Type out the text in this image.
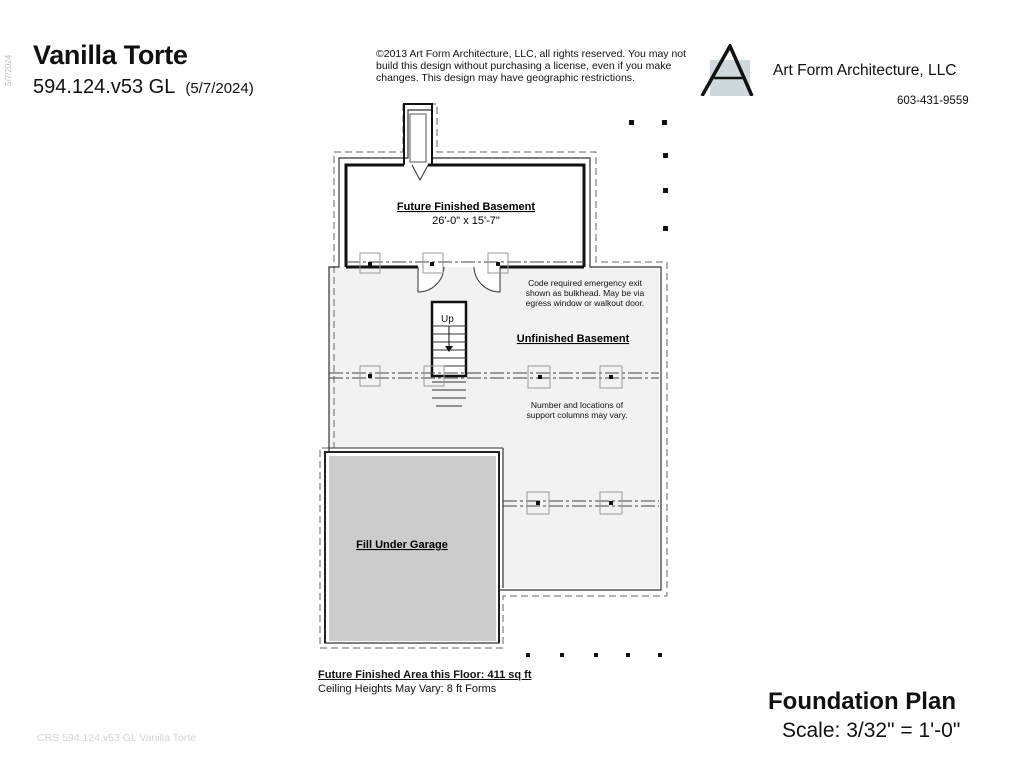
5/7/2024 Vanilla Torte
594.124.v53 GL (5/7/2024)
©2013 Art Form Architecture, LLC, all rights reserved. You may not
build this design without purchasing a license, even if you make
changes. This design may have geographic restrictions.	Art Form Architecture, LLC
603-431-9559
Up
Future Finished Basement
26'-0" x 15'-7"
Unfinished Basement
Fill Under Garage
Code required emergency exit
shown as bulkhead. May be via
egress window or walkout door.
Number and locations of
support columns may vary.
Future Finished Area this Floor: 411 sq ft
Ceiling Heights May Vary: 8 ft Forms	Foundation Plan
Scale: 3/32" = 1'-0"
CRS 594.124.v53 GL Vanilla Torte
